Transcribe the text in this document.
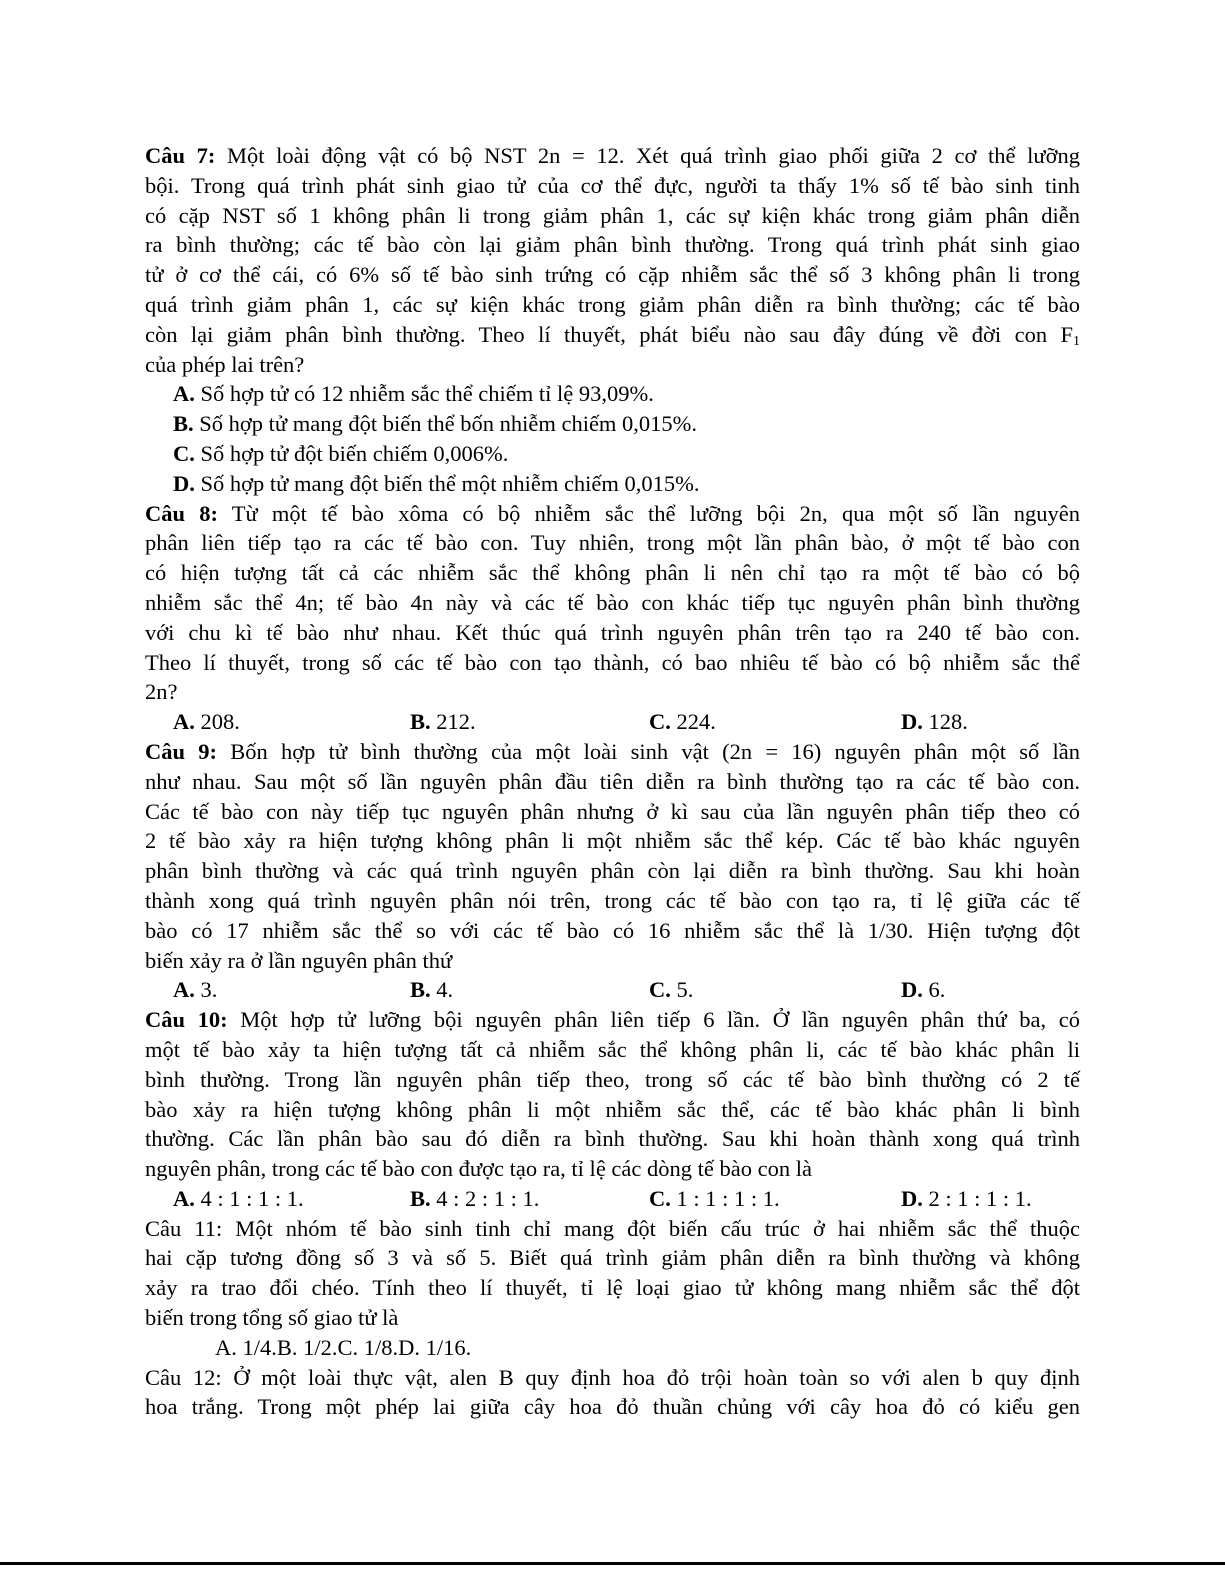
Câu 7: Một loài động vật có bộ NST 2n = 12. Xét quá trình giao phối giữa 2 cơ thể lưỡng
bội. Trong quá trình phát sinh giao tử của cơ thể đực, người ta thấy 1% số tế bào sinh tinh
có cặp NST số 1 không phân li trong giảm phân 1, các sự kiện khác trong giảm phân diễn
ra bình thường; các tế bào còn lại giảm phân bình thường. Trong quá trình phát sinh giao
tử ở cơ thể cái, có 6% số tế bào sinh trứng có cặp nhiễm sắc thể số 3 không phân li trong
quá trình giảm phân 1, các sự kiện khác trong giảm phân diễn ra bình thường; các tế bào
còn lại giảm phân bình thường. Theo lí thuyết, phát biểu nào sau đây đúng về đời con $F_1$
của phép lai trên?
A. Số hợp tử có 12 nhiễm sắc thể chiếm tỉ lệ 93,09%.
B. Số hợp tử mang đột biến thể bốn nhiễm chiếm 0,015%.
C. Số hợp tử đột biến chiếm 0,006%.
D. Số hợp tử mang đột biến thể một nhiễm chiếm 0,015%.
Câu 8: Từ một tế bào xôma có bộ nhiễm sắc thể lưỡng bội 2n, qua một số lần nguyên
phân liên tiếp tạo ra các tế bào con. Tuy nhiên, trong một lần phân bào, ở một tế bào con
có hiện tượng tất cả các nhiễm sắc thể không phân li nên chỉ tạo ra một tế bào có bộ
nhiễm sắc thể 4n; tế bào 4n này và các tế bào con khác tiếp tục nguyên phân bình thường
với chu kì tế bào như nhau. Kết thúc quá trình nguyên phân trên tạo ra 240 tế bào con.
Theo lí thuyết, trong số các tế bào con tạo thành, có bao nhiêu tế bào có bộ nhiễm sắc thể
2n?
A. 208.	B. 212.	C. 224.	D. 128.
Câu 9: Bốn hợp tử bình thường của một loài sinh vật (2n = 16) nguyên phân một số lần
như nhau. Sau một số lần nguyên phân đầu tiên diễn ra bình thường tạo ra các tế bào con.
Các tế bào con này tiếp tục nguyên phân nhưng ở kì sau của lần nguyên phân tiếp theo có
2 tế bào xảy ra hiện tượng không phân li một nhiễm sắc thể kép. Các tế bào khác nguyên
phân bình thường và các quá trình nguyên phân còn lại diễn ra bình thường. Sau khi hoàn
thành xong quá trình nguyên phân nói trên, trong các tế bào con tạo ra, tỉ lệ giữa các tế
bào có 17 nhiễm sắc thể so với các tế bào có 16 nhiễm sắc thể là 1/30. Hiện tượng đột
biến xảy ra ở lần nguyên phân thứ
A. 3.	B. 4.	C. 5.	D. 6.
Câu 10: Một hợp tử lưỡng bội nguyên phân liên tiếp 6 lần. Ở lần nguyên phân thứ ba, có
một tế bào xảy ta hiện tượng tất cả nhiễm sắc thể không phân li, các tế bào khác phân li
bình thường. Trong lần nguyên phân tiếp theo, trong số các tế bào bình thường có 2 tế
bào xảy ra hiện tượng không phân li một nhiễm sắc thể, các tế bào khác phân li bình
thường. Các lần phân bào sau đó diễn ra bình thường. Sau khi hoàn thành xong quá trình
nguyên phân, trong các tế bào con được tạo ra, tỉ lệ các dòng tế bào con là
A. 4 : 1 : 1 : 1.	B. 4 : 2 : 1 : 1.	C. 1 : 1 : 1 : 1.	D. 2 : 1 : 1 : 1.
Câu 11: Một nhóm tế bào sinh tinh chỉ mang đột biến cấu trúc ở hai nhiễm sắc thể thuộc
hai cặp tương đồng số 3 và số 5. Biết quá trình giảm phân diễn ra bình thường và không
xảy ra trao đổi chéo. Tính theo lí thuyết, tỉ lệ loại giao tử không mang nhiễm sắc thể đột
biến trong tổng số giao tử là
A. 1/4.B. 1/2.C. 1/8.D. 1/16.
Câu 12: Ở một loài thực vật, alen B quy định hoa đỏ trội hoàn toàn so với alen b quy định
hoa trắng. Trong một phép lai giữa cây hoa đỏ thuần chủng với cây hoa đỏ có kiểu gen
